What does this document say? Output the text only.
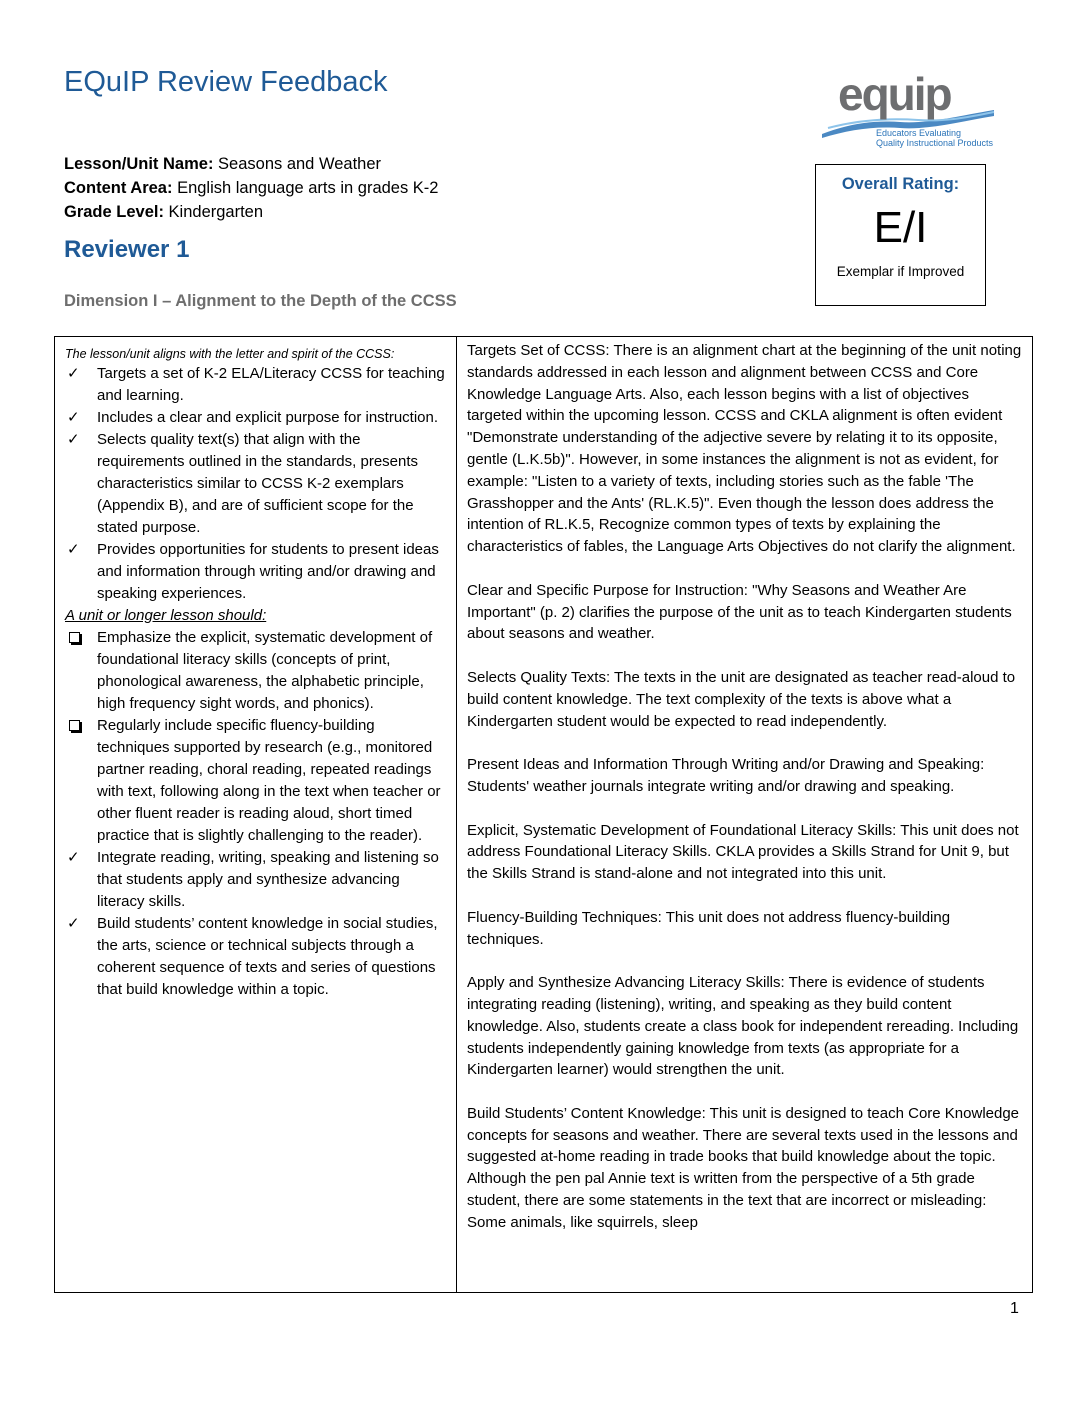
EQuIP Review Feedback	equip
Educators Evaluating
Quality Instructional Products
Lesson/Unit Name: Seasons and Weather
Content Area: English language arts in grades K-2
Grade Level: Kindergarten
Reviewer 1
Dimension I – Alignment to the Depth of the CCSS
Overall Rating:
E/I
Exemplar if Improved

The lesson/unit aligns with the letter and spirit of the CCSS:

✓ Targets a set of K-2 ELA/Literacy CCSS for teaching and learning.
✓ Includes a clear and explicit purpose for instruction.
✓ Selects quality text(s) that align with the requirements outlined in the standards, presents characteristics similar to CCSS K-2 exemplars (Appendix B), and are of sufficient scope for the stated purpose.
✓ Provides opportunities for students to present ideas and information through writing and/or drawing and speaking experiences.

A unit or longer lesson should:

Emphasize the explicit, systematic development of foundational literacy skills (concepts of print, phonological awareness, the alphabetic principle, high frequency sight words, and phonics).
Regularly include specific fluency-building techniques supported by research (e.g., monitored partner reading, choral reading, repeated readings with text, following along in the text when teacher or other fluent reader is reading aloud, short timed practice that is slightly challenging to the reader).
✓ Integrate reading, writing, speaking and listening so that students apply and synthesize advancing literacy skills.
✓ Build students’ content knowledge in social studies, the arts, science or technical subjects through a coherent sequence of texts and series of questions that build knowledge within a topic.

Targets Set of CCSS: There is an alignment chart at the beginning of the unit noting standards addressed in each lesson and alignment between CCSS and Core Knowledge Language Arts. Also, each lesson begins with a list of objectives targeted within the upcoming lesson. CCSS and CKLA alignment is often evident "Demonstrate understanding of the adjective severe by relating it to its opposite, gentle (L.K.5b)". However, in some instances the alignment is not as evident, for example: "Listen to a variety of texts, including stories such as the fable 'The Grasshopper and the Ants' (RL.K.5)". Even though the lesson does address the intention of RL.K.5, Recognize common types of texts by explaining the characteristics of fables, the Language Arts Objectives do not clarify the alignment.

Clear and Specific Purpose for Instruction: "Why Seasons and Weather Are Important" (p. 2) clarifies the purpose of the unit as to teach Kindergarten students about seasons and weather.

Selects Quality Texts: The texts in the unit are designated as teacher read-aloud to build content knowledge. The text complexity of the texts is above what a Kindergarten student would be expected to read independently.

Present Ideas and Information Through Writing and/or Drawing and Speaking: Students' weather journals integrate writing and/or drawing and speaking.

Explicit, Systematic Development of Foundational Literacy Skills: This unit does not address Foundational Literacy Skills. CKLA provides a Skills Strand for Unit 9, but the Skills Strand is stand-alone and not integrated into this unit.

Fluency-Building Techniques: This unit does not address fluency-building techniques.

Apply and Synthesize Advancing Literacy Skills: There is evidence of students integrating reading (listening), writing, and speaking as they build content knowledge. Also, students create a class book for independent rereading. Including students independently gaining knowledge from texts (as appropriate for a Kindergarten learner) would strengthen the unit.

Build Students’ Content Knowledge: This unit is designed to teach Core Knowledge concepts for seasons and weather. There are several texts used in the lessons and suggested at-home reading in trade books that build knowledge about the topic. Although the pen pal Annie text is written from the perspective of a 5th grade student, there are some statements in the text that are incorrect or misleading: Some animals, like squirrels, sleep

1
